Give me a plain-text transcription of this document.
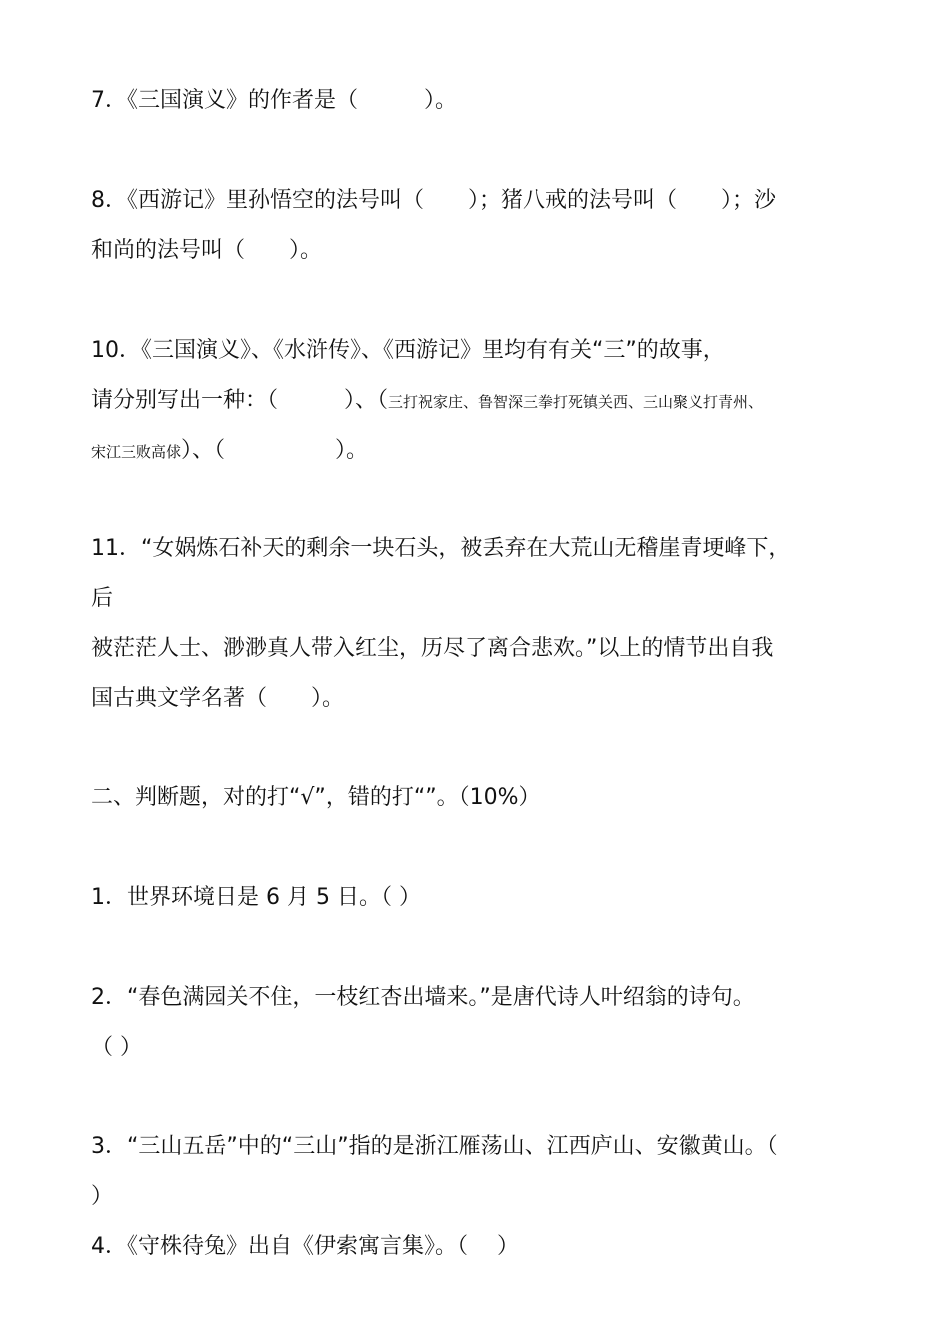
7．《三国演义》的作者是（　　　）。
8．《西游记》里孙悟空的法号叫（　　）；猪八戒的法号叫（　　）；沙
和尚的法号叫（　　）。
10．《三国演义》、《水浒传》、《西游记》里均有有关“三”的故事，
请分别写出一种：（　　　）、（三打祝家庄、鲁智深三拳打死镇关西、三山聚义打青州、
宋江三败高俅）、（　　　　　）。
11．“女娲炼石补天的剩余一块石头，被丢弃在大荒山无稽崖青埂峰下，
后
被茫茫人士、渺渺真人带入红尘，历尽了离合悲欢。”以上的情节出自我
国古典文学名著（　　）。
二、判断题，对的打“√”，错的打“”。（10%）
1．世界环境日是 6 月 5 日。（ ）
2．“春色满园关不住，一枝红杏出墙来。”是唐代诗人叶绍翁的诗句。
（ ）
3．“三山五岳”中的“三山”指的是浙江雁荡山、江西庐山、安徽黄山。（
）
4．《守株待兔》出自《伊索寓言集》。（　 ）
